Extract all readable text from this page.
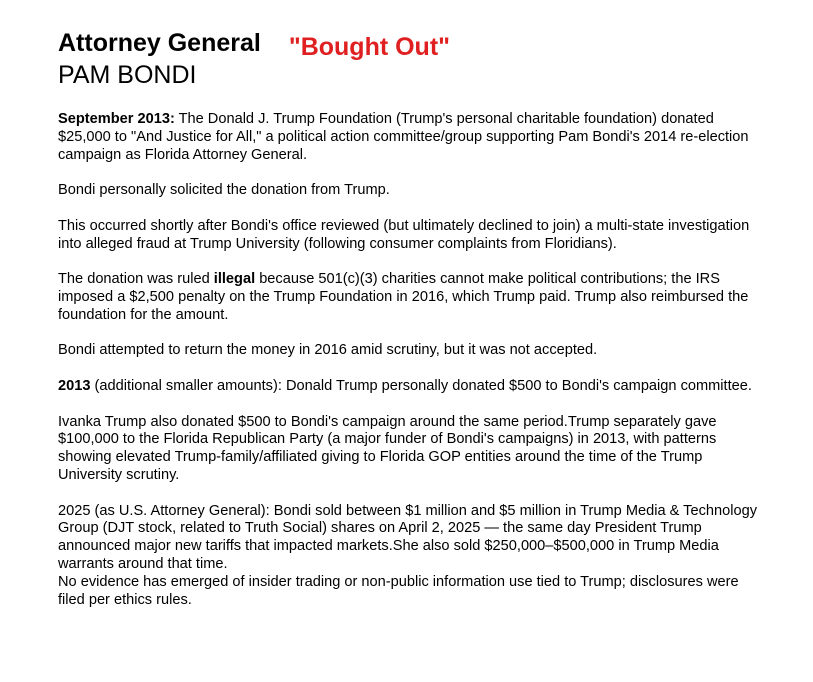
Attorney General "Bought Out"
PAM BONDI

September 2013: The Donald J. Trump Foundation (Trump's personal charitable foundation) donated $25,000 to "And Justice for All," a political action committee/group supporting Pam Bondi's 2014 re-election campaign as Florida Attorney General.

Bondi personally solicited the donation from Trump.

This occurred shortly after Bondi's office reviewed (but ultimately declined to join) a multi-state investigation into alleged fraud at Trump University (following consumer complaints from Floridians).

The donation was ruled illegal because 501(c)(3) charities cannot make political contributions; the IRS imposed a $2,500 penalty on the Trump Foundation in 2016, which Trump paid. Trump also reimbursed the foundation for the amount.

Bondi attempted to return the money in 2016 amid scrutiny, but it was not accepted.

2013 (additional smaller amounts): Donald Trump personally donated $500 to Bondi's campaign committee.

Ivanka Trump also donated $500 to Bondi's campaign around the same period.Trump separately gave $100,000 to the Florida Republican Party (a major funder of Bondi's campaigns) in 2013, with patterns showing elevated Trump-family/affiliated giving to Florida GOP entities around the time of the Trump University scrutiny.

2025 (as U.S. Attorney General): Bondi sold between $1 million and $5 million in Trump Media & Technology Group (DJT stock, related to Truth Social) shares on April 2, 2025 — the same day President Trump announced major new tariffs that impacted markets.She also sold $250,000–$500,000 in Trump Media warrants around that time.

No evidence has emerged of insider trading or non-public information use tied to Trump; disclosures were filed per ethics rules.
